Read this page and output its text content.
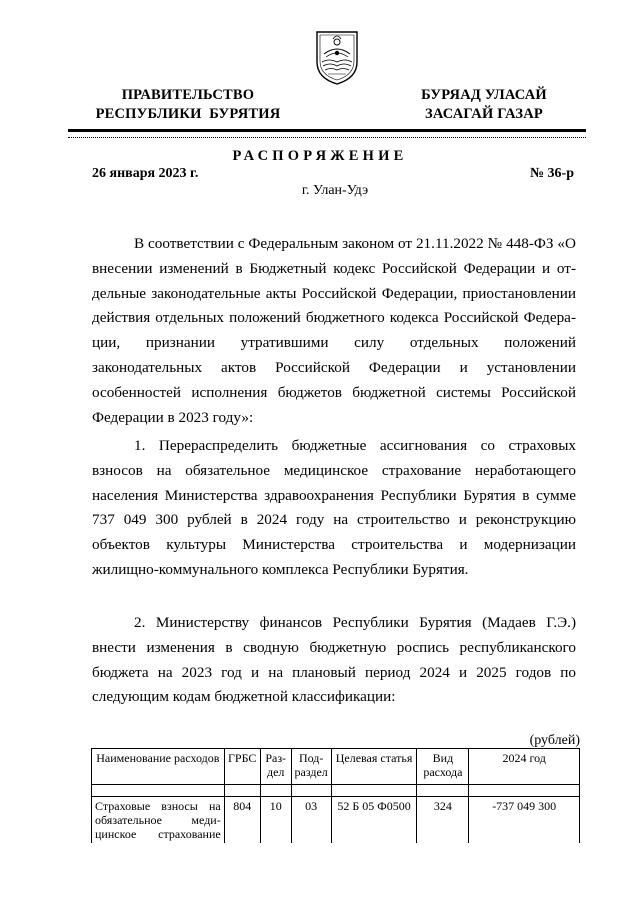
ПРАВИТЕЛЬСТВО
РЕСПУБЛИКИ  БУРЯТИЯ
БУРЯАД УЛАСАЙ
ЗАСАГАЙ ГАЗАР
РАСПОРЯЖЕНИЕ
26 января 2023 г.	№ 36-р
г. Улан-Удэ
В соответствии с Федеральным законом от 21.11.2022 № 448-ФЗ «О внесении изменений в Бюджетный кодекс Российской Федерации и отдельные законодательные акты Российской Федерации, приостановлении действия отдельных положений бюджетного кодекса Российской Федерации, признании утратившими силу отдельных положений законодательных актов Российской Федерации и установлении особенностей исполнения бюджетов бюджетной системы Российской Федерации в 2023 году»:
1. Перераспределить бюджетные ассигнования со страховых взносов на обязательное медицинское страхование неработающего населения Министерства здравоохранения Республики Бурятия в сумме 737 049 300 рублей в 2024 году на строительство и реконструкцию объектов культуры Министерства строительства и модернизации жилищно-коммунального комплекса Республики Бурятия.
2. Министерству финансов Республики Бурятия (Мадаев Г.Э.) внести изменения в сводную бюджетную роспись республиканского бюджета на 2023 год и на плановый период 2024 и 2025 годов по следующим кодам бюджетной классификации:
(рублей)
Наименование расходов	ГРБС	Раз-дел	Под-раздел	Целевая статья	Вид расхода	2024 год

Страховые взносы на обязательное медицинское страхование	804	10	03	52 Б 05 Ф0500	324	-737 049 300
